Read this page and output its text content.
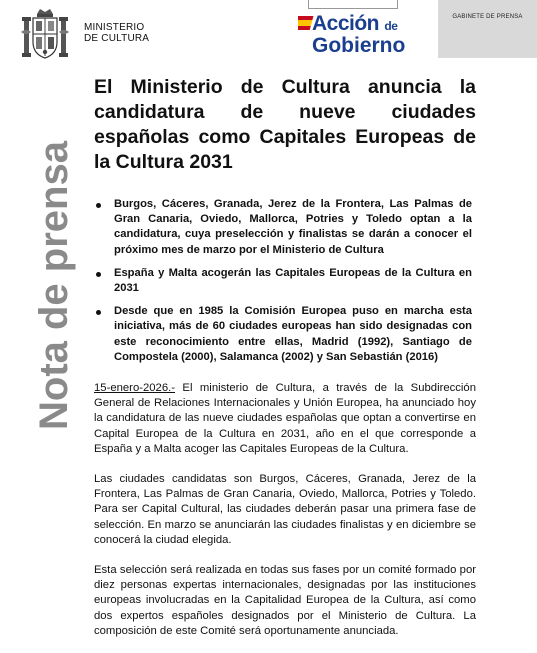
MINISTERIO
DE CULTURA
Acción de
Gobierno
GABINETE DE PRENSA
Nota de prensa
El Ministerio de Cultura anuncia la candidatura de nueve ciudades españolas como Capitales Europeas de la Cultura 2031
Burgos, Cáceres, Granada, Jerez de la Frontera, Las Palmas de Gran Canaria, Oviedo, Mallorca, Potries y Toledo optan a la candidatura, cuya preselección y finalistas se darán a conocer el próximo mes de marzo por el Ministerio de Cultura
España y Malta acogerán las Capitales Europeas de la Cultura en 2031
Desde que en 1985 la Comisión Europea puso en marcha esta iniciativa, más de 60 ciudades europeas han sido designadas con este reconocimiento entre ellas, Madrid (1992), Santiago de Compostela (2000), Salamanca (2002) y San Sebastián (2016)
15-enero-2026.- El ministerio de Cultura, a través de la Subdirección General de Relaciones Internacionales y Unión Europea, ha anunciado hoy la candidatura de las nueve ciudades españolas que optan a convertirse en Capital Europea de la Cultura en 2031, año en el que corresponde a España y a Malta acoger las Capitales Europeas de la Cultura.
Las ciudades candidatas son Burgos, Cáceres, Granada, Jerez de la Frontera, Las Palmas de Gran Canaria, Oviedo, Mallorca, Potries y Toledo. Para ser Capital Cultural, las ciudades deberán pasar una primera fase de selección. En marzo se anunciarán las ciudades finalistas y en diciembre se conocerá la ciudad elegida.
Esta selección será realizada en todas sus fases por un comité formado por diez personas expertas internacionales, designadas por las instituciones europeas involucradas en la Capitalidad Europea de la Cultura, así como dos expertos españoles designados por el Ministerio de Cultura. La composición de este Comité será oportunamente anunciada.
